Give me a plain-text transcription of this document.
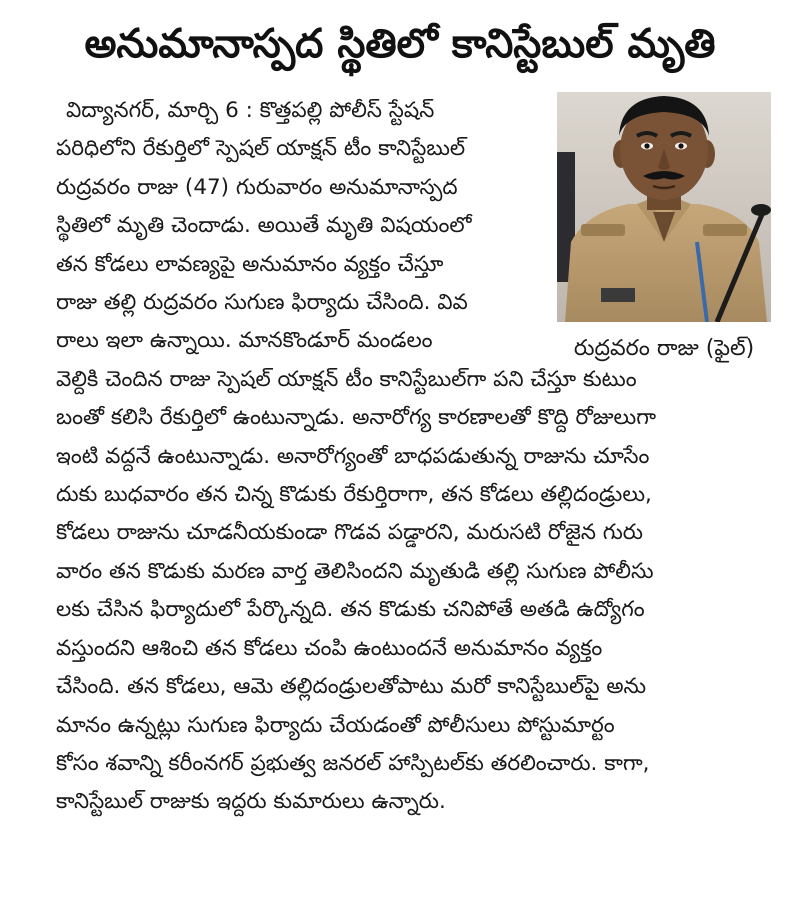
అనుమానాస్పద స్థితిలో కానిస్టేబుల్ మృతి
రుద్రవరం రాజు (ఫైల్)
విద్యానగర్, మార్చి 6 : కొత్తపల్లి పోలీస్ స్టేషన్
పరిధిలోని రేకుర్తిలో స్పెషల్ యాక్షన్ టీం కానిస్టేబుల్
రుద్రవరం రాజు (47) గురువారం అనుమానాస్పద
స్థితిలో మృతి చెందాడు. అయితే మృతి విషయంలో
తన కోడలు లావణ్యపై అనుమానం వ్యక్తం చేస్తూ
రాజు తల్లి రుద్రవరం సుగుణ ఫిర్యాదు చేసింది. వివ
రాలు ఇలా ఉన్నాయి. మానకొండూర్ మండలం
వెల్దికి చెందిన రాజు స్పెషల్ యాక్షన్ టీం కానిస్టేబుల్‌గా పని చేస్తూ కుటుం
బంతో కలిసి రేకుర్తిలో ఉంటున్నాడు. అనారోగ్య కారణాలతో కొద్ది రోజులుగా
ఇంటి వద్దనే ఉంటున్నాడు. అనారోగ్యంతో బాధపడుతున్న రాజును చూసేం
దుకు బుధవారం తన చిన్న కొడుకు రేకుర్తిరాగా, తన కోడలు తల్లిదండ్రులు,
కోడలు రాజును చూడనీయకుండా గొడవ పడ్డారని, మరుసటి రోజైన గురు
వారం తన కొడుకు మరణ వార్త తెలిసిందని మృతుడి తల్లి సుగుణ పోలీసు
లకు చేసిన ఫిర్యాదులో పేర్కొన్నది. తన కొడుకు చనిపోతే అతడి ఉద్యోగం
వస్తుందని ఆశించి తన కోడలు చంపి ఉంటుందనే అనుమానం వ్యక్తం
చేసింది. తన కోడలు, ఆమె తల్లిదండ్రులతోపాటు మరో కానిస్టేబుల్‌పై అను
మానం ఉన్నట్లు సుగుణ ఫిర్యాదు చేయడంతో పోలీసులు పోస్టుమార్టం
కోసం శవాన్ని కరీంనగర్ ప్రభుత్వ జనరల్ హాస్పిటల్‌కు తరలించారు. కాగా,
కానిస్టేబుల్ రాజుకు ఇద్దరు కుమారులు ఉన్నారు.
